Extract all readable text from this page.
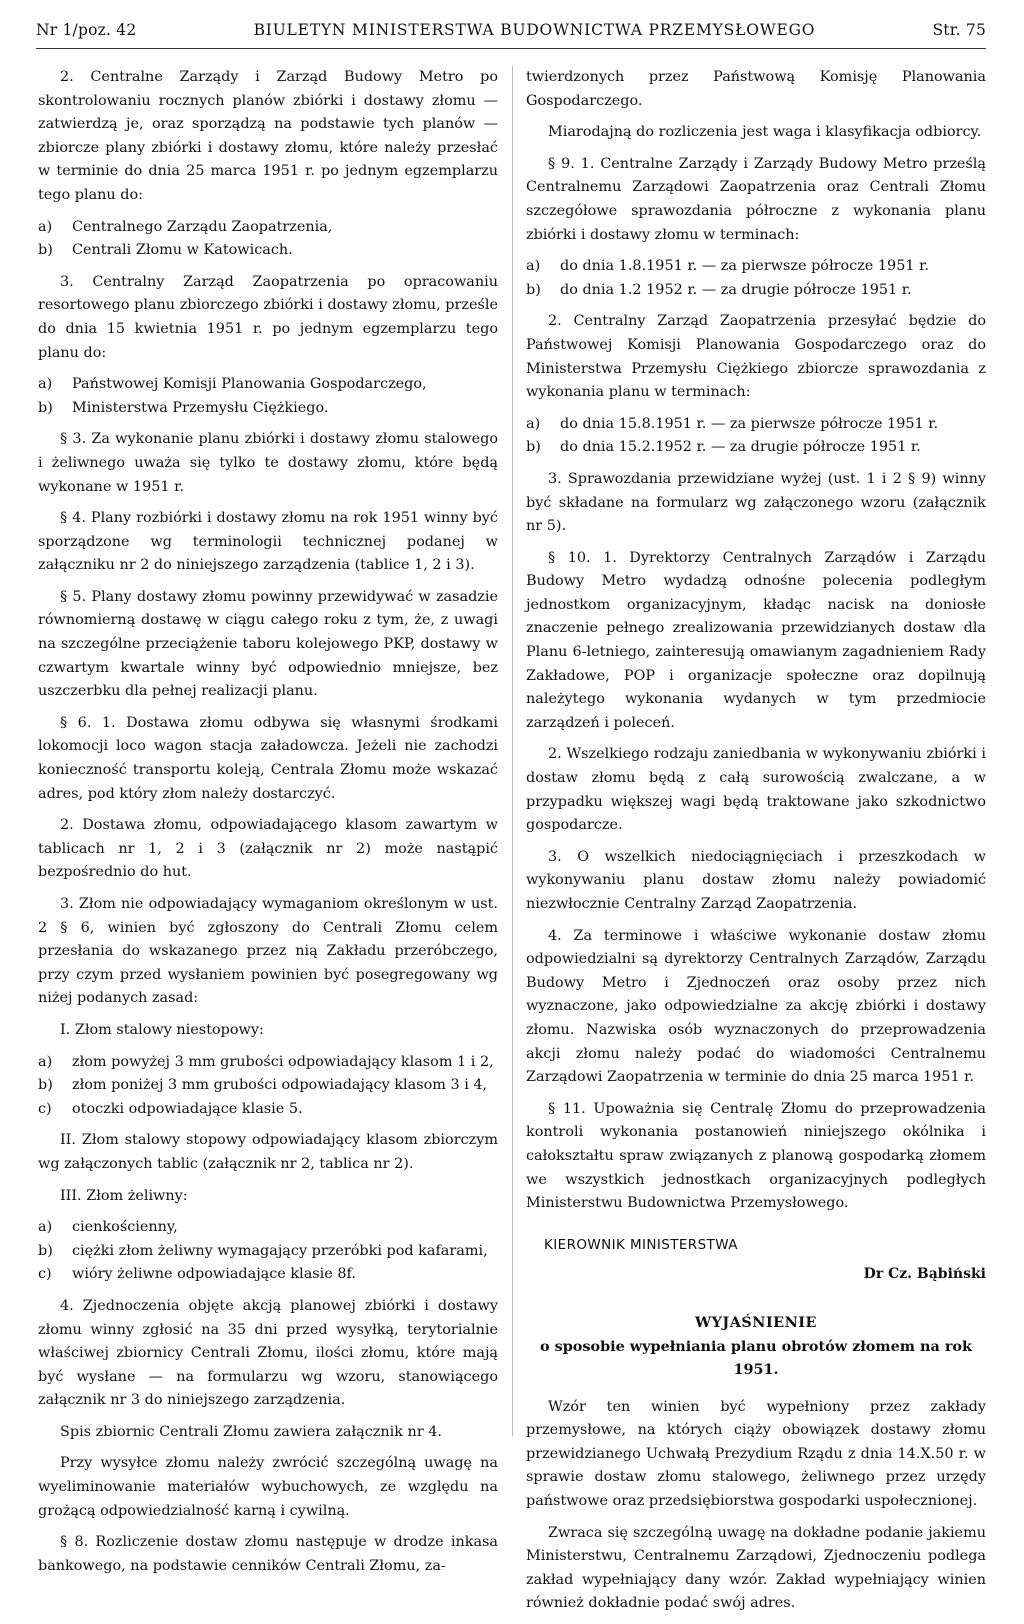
Nr 1/poz. 42	BIULETYN MINISTERSTWA BUDOWNICTWA PRZEMYSŁOWEGO	Str. 75

2. Centralne Zarządy i Zarząd Budowy Metro po skontrolowaniu rocznych planów zbiórki i dostawy złomu — zatwierdzą je, oraz sporządzą na podstawie tych planów — zbiorcze plany zbiórki i dostawy złomu, które należy przesłać w terminie do dnia 25 marca 1951 r. po jednym egzemplarzu tego planu do:

a) Centralnego Zarządu Zaopatrzenia,
b) Centrali Złomu w Katowicach.

3. Centralny Zarząd Zaopatrzenia po opracowaniu resortowego planu zbiorczego zbiórki i dostawy złomu, prześle do dnia 15 kwietnia 1951 r. po jednym egzemplarzu tego planu do:

a) Państwowej Komisji Planowania Gospodarczego,
b) Ministerstwa Przemysłu Ciężkiego.

§ 3. Za wykonanie planu zbiórki i dostawy złomu stalowego i żeliwnego uważa się tylko te dostawy złomu, które będą wykonane w 1951 r.

§ 4. Plany rozbiórki i dostawy złomu na rok 1951 winny być sporządzone wg terminologii technicznej podanej w załączniku nr 2 do niniejszego zarządzenia (tablice 1, 2 i 3).

§ 5. Plany dostawy złomu powinny przewidywać w zasadzie równomierną dostawę w ciągu całego roku z tym, że, z uwagi na szczególne przeciążenie taboru kolejowego PKP, dostawy w czwartym kwartale winny być odpowiednio mniejsze, bez uszczerbku dla pełnej realizacji planu.

§ 6. 1. Dostawa złomu odbywa się własnymi środkami lokomocji loco wagon stacja załadowcza. Jeżeli nie zachodzi konieczność transportu koleją, Centrala Złomu może wskazać adres, pod który złom należy dostarczyć.

2. Dostawa złomu, odpowiadającego klasom zawartym w tablicach nr 1, 2 i 3 (załącznik nr 2) może nastąpić bezpośrednio do hut.

3. Złom nie odpowiadający wymaganiom określonym w ust. 2 § 6, winien być zgłoszony do Centrali Złomu celem przesłania do wskazanego przez nią Zakładu przeróbczego, przy czym przed wysłaniem powinien być posegregowany wg niżej podanych zasad:

I. Złom stalowy niestopowy:

a) złom powyżej 3 mm grubości odpowiadający klasom 1 i 2,
b) złom poniżej 3 mm grubości odpowiadający klasom 3 i 4,
c) otoczki odpowiadające klasie 5.

II. Złom stalowy stopowy odpowiadający klasom zbiorczym wg załączonych tablic (załącznik nr 2, tablica nr 2).

III. Złom żeliwny:

a) cienkościenny,
b) ciężki złom żeliwny wymagający przeróbki pod kafarami,
c) wióry żeliwne odpowiadające klasie 8f.

4. Zjednoczenia objęte akcją planowej zbiórki i dostawy złomu winny zgłosić na 35 dni przed wysyłką, terytorialnie właściwej zbiornicy Centrali Złomu, ilości złomu, które mają być wysłane — na formularzu wg wzoru, stanowiącego załącznik nr 3 do niniejszego zarządzenia.

Spis zbiornic Centrali Złomu zawiera załącznik nr 4.

Przy wysyłce złomu należy zwrócić szczególną uwagę na wyeliminowanie materiałów wybuchowych, ze względu na grożącą odpowiedzialność karną i cywilną.

§ 8. Rozliczenie dostaw złomu następuje w drodze inkasa bankowego, na podstawie cenników Centrali Złomu, za-

twierdzonych przez Państwową Komisję Planowania Gospodarczego.

Miarodajną do rozliczenia jest waga i klasyfikacja odbiorcy.

§ 9. 1. Centralne Zarządy i Zarządy Budowy Metro prześlą Centralnemu Zarządowi Zaopatrzenia oraz Centrali Złomu szczegółowe sprawozdania półroczne z wykonania planu zbiórki i dostawy złomu w terminach:

a) do dnia 1.8.1951 r. — za pierwsze półrocze 1951 r.
b) do dnia 1.2 1952 r. — za drugie półrocze 1951 r.

2. Centralny Zarząd Zaopatrzenia przesyłać będzie do Państwowej Komisji Planowania Gospodarczego oraz do Ministerstwa Przemysłu Ciężkiego zbiorcze sprawozdania z wykonania planu w terminach:

a) do dnia 15.8.1951 r. — za pierwsze półrocze 1951 r.
b) do dnia 15.2.1952 r. — za drugie półrocze 1951 r.

3. Sprawozdania przewidziane wyżej (ust. 1 i 2 § 9) winny być składane na formularz wg załączonego wzoru (załącznik nr 5).

§ 10. 1. Dyrektorzy Centralnych Zarządów i Zarządu Budowy Metro wydadzą odnośne polecenia podległym jednostkom organizacyjnym, kładąc nacisk na doniosłe znaczenie pełnego zrealizowania przewidzianych dostaw dla Planu 6-letniego, zainteresują omawianym zagadnieniem Rady Zakładowe, POP i organizacje społeczne oraz dopilnują należytego wykonania wydanych w tym przedmiocie zarządzeń i poleceń.

2. Wszelkiego rodzaju zaniedbania w wykonywaniu zbiórki i dostaw złomu będą z całą surowością zwalczane, a w przypadku większej wagi będą traktowane jako szkodnictwo gospodarcze.

3. O wszelkich niedociągnięciach i przeszkodach w wykonywaniu planu dostaw złomu należy powiadomić niezwłocznie Centralny Zarząd Zaopatrzenia.

4. Za terminowe i właściwe wykonanie dostaw złomu odpowiedzialni są dyrektorzy Centralnych Zarządów, Zarządu Budowy Metro i Zjednoczeń oraz osoby przez nich wyznaczone, jako odpowiedzialne za akcję zbiórki i dostawy złomu. Nazwiska osób wyznaczonych do przeprowadzenia akcji złomu należy podać do wiadomości Centralnemu Zarządowi Zaopatrzenia w terminie do dnia 25 marca 1951 r.

§ 11. Upoważnia się Centralę Złomu do przeprowadzenia kontroli wykonania postanowień niniejszego okólnika i całokształtu spraw związanych z planową gospodarką złomem we wszystkich jednostkach organizacyjnych podległych Ministerstwu Budownictwa Przemysłowego.

KIEROWNIK MINISTERSTWA
Dr Cz. Bąbiński
WYJAŚNIENIE
o sposobie wypełniania planu obrotów złomem na rok 1951.

Wzór ten winien być wypełniony przez zakłady przemysłowe, na których ciąży obowiązek dostawy złomu przewidzianego Uchwałą Prezydium Rządu z dnia 14.X.50 r. w sprawie dostaw złomu stalowego, żeliwnego przez urzędy państwowe oraz przedsiębiorstwa gospodarki uspołecznionej.

Zwraca się szczególną uwagę na dokładne podanie jakiemu Ministerstwu, Centralnemu Zarządowi, Zjednoczeniu podlega zakład wypełniający dany wzór. Zakład wypełniający winien również dokładnie podać swój adres.
